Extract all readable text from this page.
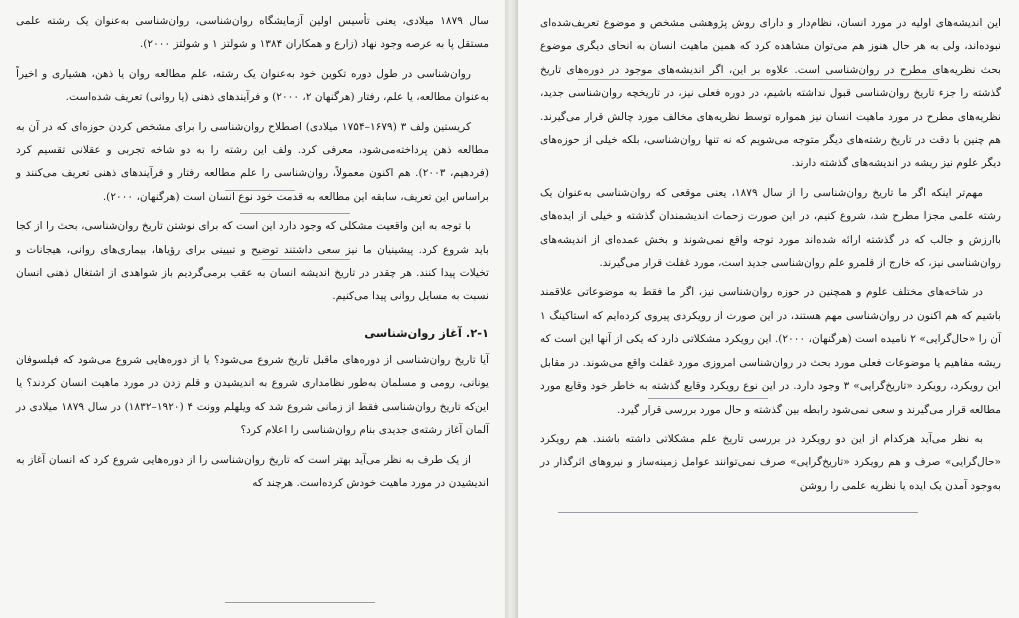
سال ۱۸۷۹ میلادی، یعنی تأسیس اولین آزمایشگاه روان‌شناسی، روان‌شناسی به‌عنوان یک رشته علمی مستقل پا به عرصه وجود نهاد (زارع و همکاران ۱۳۸۴ و شولتز ۱ و شولتز ۲۰۰۰).

روان‌شناسی در طول دوره تکوین خود به‌عنوان یک رشته، علم مطالعه روان یا ذهن، هشیاری و اخیراً به‌عنوان مطالعه، یا علم، رفتار (هرگنهان ۲، ۲۰۰۰) و فرآیندهای ذهنی (یا روانی) تعریف شده‌است.

کریستین ولف ۳ (۱۶۷۹–۱۷۵۴ میلادی) اصطلاح روان‌شناسی را برای مشخص کردن حوزه‌ای که در آن به مطالعه ذهن پرداخته‌می‌شود، معرفی کرد. ولف این رشته را به دو شاخه تجربی و عقلانی تقسیم کرد (فردهیم، ۲۰۰۳). هم اکنون معمولاً، روان‌شناسی را علم مطالعه رفتار و فرآیندهای ذهنی تعریف می‌کنند و براساس این تعریف، سابقه این مطالعه به قدمت خود نوع انسان است (هرگنهان، ۲۰۰۰).

با توجه به این واقعیت مشکلی که وجود دارد این است که برای نوشتن تاریخ روان‌شناسی، بحث را از کجا باید شروع کرد. پیشینیان ما نیز سعی داشتند توضیح و تبیینی برای رؤیاها، بیماری‌های روانی، هیجانات و تخیلات پیدا کنند. هر چقدر در تاریخ اندیشه انسان به عقب برمی‌گردیم باز شواهدی از اشتغال ذهنی انسان نسبت به مسایل روانی پیدا می‌کنیم.

۲-۱. آغاز روان‌شناسی

آیا تاریخ روان‌شناسی از دوره‌های ماقبل تاریخ شروع می‌شود؟ یا از دوره‌هایی شروع می‌شود که فیلسوفان یونانی، رومی و مسلمان به‌طور نظامداری شروع به اندیشیدن و قلم زدن در مورد ماهیت انسان کردند؟ یا این‌که تاریخ روان‌شناسی فقط از زمانی شروع شد که ویلهلم وونت ۴ (۱۹۲۰–۱۸۳۲) در سال ۱۸۷۹ میلادی در آلمان آغاز رشته‌ی جدیدی بنام روان‌شناسی را اعلام کرد؟

از یک طرف به نظر می‌آید بهتر است که تاریخ روان‌شناسی را از دوره‌هایی شروع کرد که انسان آغاز به اندیشیدن در مورد ماهیت خودش کرده‌است. هرچند که

این اندیشه‌های اولیه در مورد انسان، نظام‌دار و دارای روش پژوهشی مشخص و موضوع تعریف‌شده‌ای نبوده‌اند، ولی به هر حال هنوز هم می‌توان مشاهده کرد که همین ماهیت انسان به انحای دیگری موضوع بحث نظریه‌های مطرح در روان‌شناسی است. علاوه بر این، اگر اندیشه‌های موجود در دوره‌های تاریخ گذشته را جزء تاریخ روان‌شناسی قبول نداشته باشیم، در دوره فعلی نیز، در تاریخچه روان‌شناسی جدید، نظریه‌های مطرح در مورد ماهیت انسان نیز همواره توسط نظریه‌های مخالف مورد چالش قرار می‌گیرند. هم چنین با دقت در تاریخ رشته‌های دیگر متوجه می‌شویم که نه تنها روان‌شناسی، بلکه خیلی از حوزه‌های دیگر علوم نیز ریشه در اندیشه‌های گذشته دارند.

مهم‌تر اینکه اگر ما تاریخ روان‌شناسی را از سال ۱۸۷۹، یعنی موقعی که روان‌شناسی به‌عنوان یک رشته علمی مجزا مطرح شد، شروع کنیم، در این صورت زحمات اندیشمندان گذشته و خیلی از ایده‌های باارزش و جالب که در گذشته ارائه شده‌اند مورد توجه واقع نمی‌شوند و بخش عمده‌ای از اندیشه‌های روان‌شناسی نیز، که خارج از قلمرو علم روان‌شناسی جدید است، مورد غفلت قرار می‌گیرند.

در شاخه‌های مختلف علوم و همچنین در حوزه روان‌شناسی نیز، اگر ما فقط به موضوعاتی علاقمند باشیم که هم اکنون در روان‌شناسی مهم هستند، در این صورت از رویکردی پیروی کرده‌ایم که استاکینگ ۱ آن را «حال‌گرایی» ۲ نامیده است (هرگنهان، ۲۰۰۰). این رویکرد مشکلاتی دارد که یکی از آنها این است که ریشه مفاهیم یا موضوعات فعلی مورد بحث در روان‌شناسی امروزی مورد غفلت واقع می‌شوند. در مقابل این رویکرد، رویکرد «تاریخ‌گرایی» ۳ وجود دارد. در این نوع رویکرد وقایع گذشته به خاطر خود وقایع مورد مطالعه قرار می‌گیرند و سعی نمی‌شود رابطه بین گذشته و حال مورد بررسی قرار گیرد.

به نظر می‌آید هرکدام از این دو رویکرد در بررسی تاریخ علم مشکلاتی داشته باشند. هم رویکرد «حال‌گرایی» صرف و هم رویکرد «تاریخ‌گرایی» صرف نمی‌توانند عوامل زمینه‌ساز و نیروهای اثرگذار در به‌وجود آمدن یک ایده یا نظریه علمی را روشن
